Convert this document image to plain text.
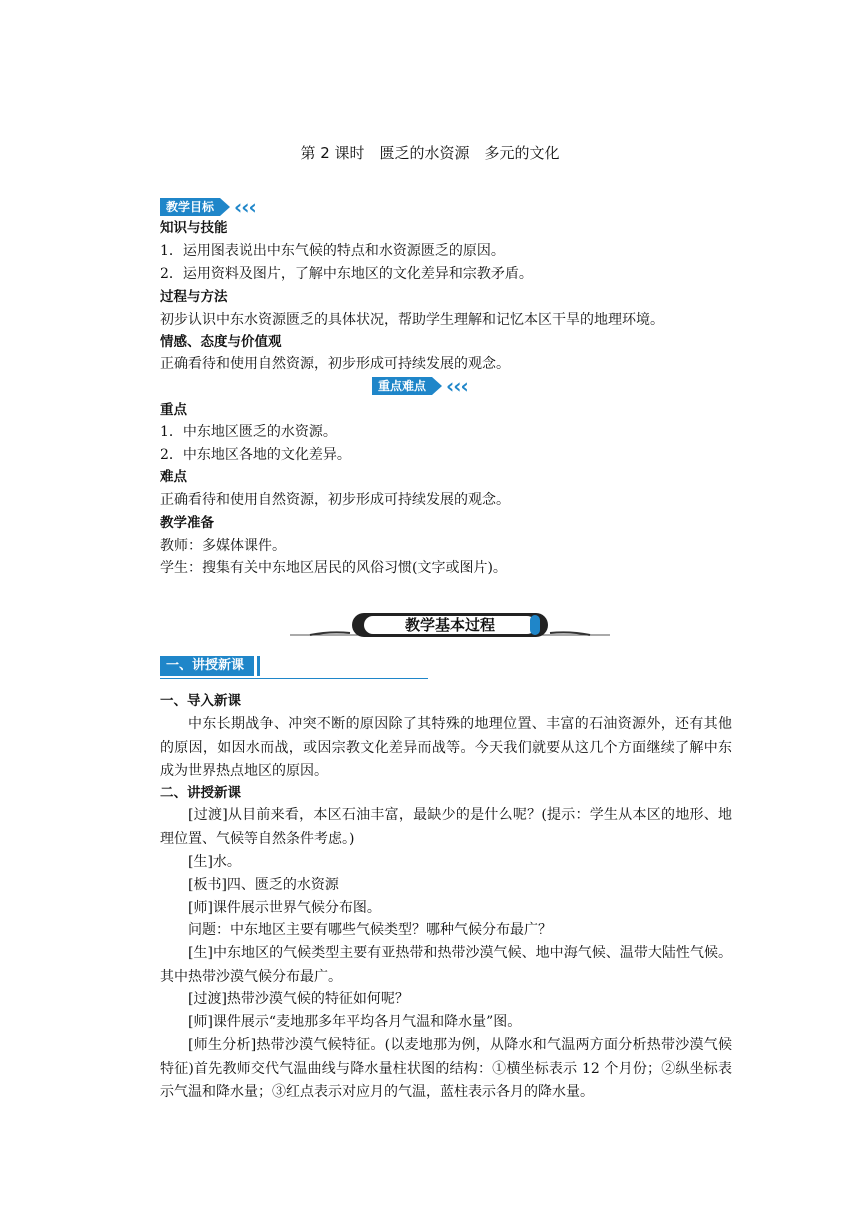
第 2 课时　匮乏的水资源　多元的文化
教学目标	‹‹‹
知识与技能
1．运用图表说出中东气候的特点和水资源匮乏的原因。
2．运用资料及图片，了解中东地区的文化差异和宗教矛盾。
过程与方法
初步认识中东水资源匮乏的具体状况，帮助学生理解和记忆本区干旱的地理环境。
情感、态度与价值观
正确看待和使用自然资源，初步形成可持续发展的观念。
重点难点	‹‹‹
重点
1．中东地区匮乏的水资源。
2．中东地区各地的文化差异。
难点
正确看待和使用自然资源，初步形成可持续发展的观念。
教学准备
教师：多媒体课件。
学生：搜集有关中东地区居民的风俗习惯(文字或图片)。
教学基本过程
一、讲授新课
一、导入新课
中东长期战争、冲突不断的原因除了其特殊的地理位置、丰富的石油资源外，还有其他的原因，如因水而战，或因宗教文化差异而战等。今天我们就要从这几个方面继续了解中东成为世界热点地区的原因。
二、讲授新课
[过渡]从目前来看，本区石油丰富，最缺少的是什么呢？(提示：学生从本区的地形、地理位置、气候等自然条件考虑。)
[生]水。
[板书]四、匮乏的水资源
[师]课件展示世界气候分布图。
问题：中东地区主要有哪些气候类型？哪种气候分布最广？
[生]中东地区的气候类型主要有亚热带和热带沙漠气候、地中海气候、温带大陆性气候。其中热带沙漠气候分布最广。
[过渡]热带沙漠气候的特征如何呢？
[师]课件展示“麦地那多年平均各月气温和降水量”图。
[师生分析]热带沙漠气候特征。(以麦地那为例，从降水和气温两方面分析热带沙漠气候特征)首先教师交代气温曲线与降水量柱状图的结构：①横坐标表示 12 个月份；②纵坐标表示气温和降水量；③红点表示对应月的气温，蓝柱表示各月的降水量。
